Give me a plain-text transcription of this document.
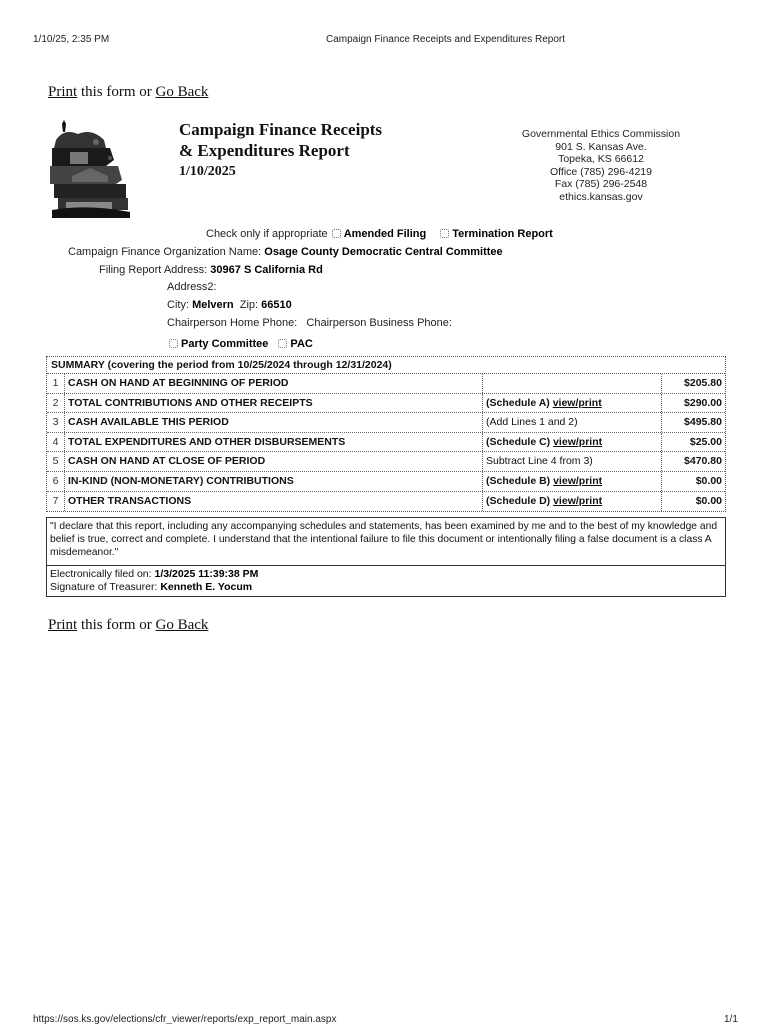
1/10/25, 2:35 PM	Campaign Finance Receipts and Expenditures Report
Print this form or Go Back
Campaign Finance Receipts
& Expenditures Report
1/10/2025
Governmental Ethics Commission
901 S. Kansas Ave.
Topeka, KS 66612
Office (785) 296-4219
Fax (785) 296-2548
ethics.kansas.gov
Check only if appropriate Amended Filing Termination Report
Campaign Finance Organization Name: Osage County Democratic Central Committee
Filing Report Address: 30967 S California Rd
Address2:
City: Melvern Zip: 66510
Chairperson Home Phone: Chairperson Business Phone:
Party Committee PAC
SUMMARY (covering the period from 10/25/2024 through 12/31/2024)
1 CASH ON HAND AT BEGINNING OF PERIOD	$205.80
2 TOTAL CONTRIBUTIONS AND OTHER RECEIPTS	(Schedule A) view/print	$290.00
3 CASH AVAILABLE THIS PERIOD	(Add Lines 1 and 2)	$495.80
4 TOTAL EXPENDITURES AND OTHER DISBURSEMENTS	(Schedule C) view/print	$25.00
5 CASH ON HAND AT CLOSE OF PERIOD	Subtract Line 4 from 3)	$470.80
6 IN-KIND (NON-MONETARY) CONTRIBUTIONS	(Schedule B) view/print	$0.00
7 OTHER TRANSACTIONS	(Schedule D) view/print	$0.00
"I declare that this report, including any accompanying schedules and statements, has been examined by me and to the best of my knowledge and belief is true, correct and complete. I understand that the intentional failure to file this document or intentionally filing a false document is a class A misdemeanor."
Electronically filed on: 1/3/2025 11:39:38 PM
Signature of Treasurer: Kenneth E. Yocum
Print this form or Go Back
https://sos.ks.gov/elections/cfr_viewer/reports/exp_report_main.aspx	1/1
